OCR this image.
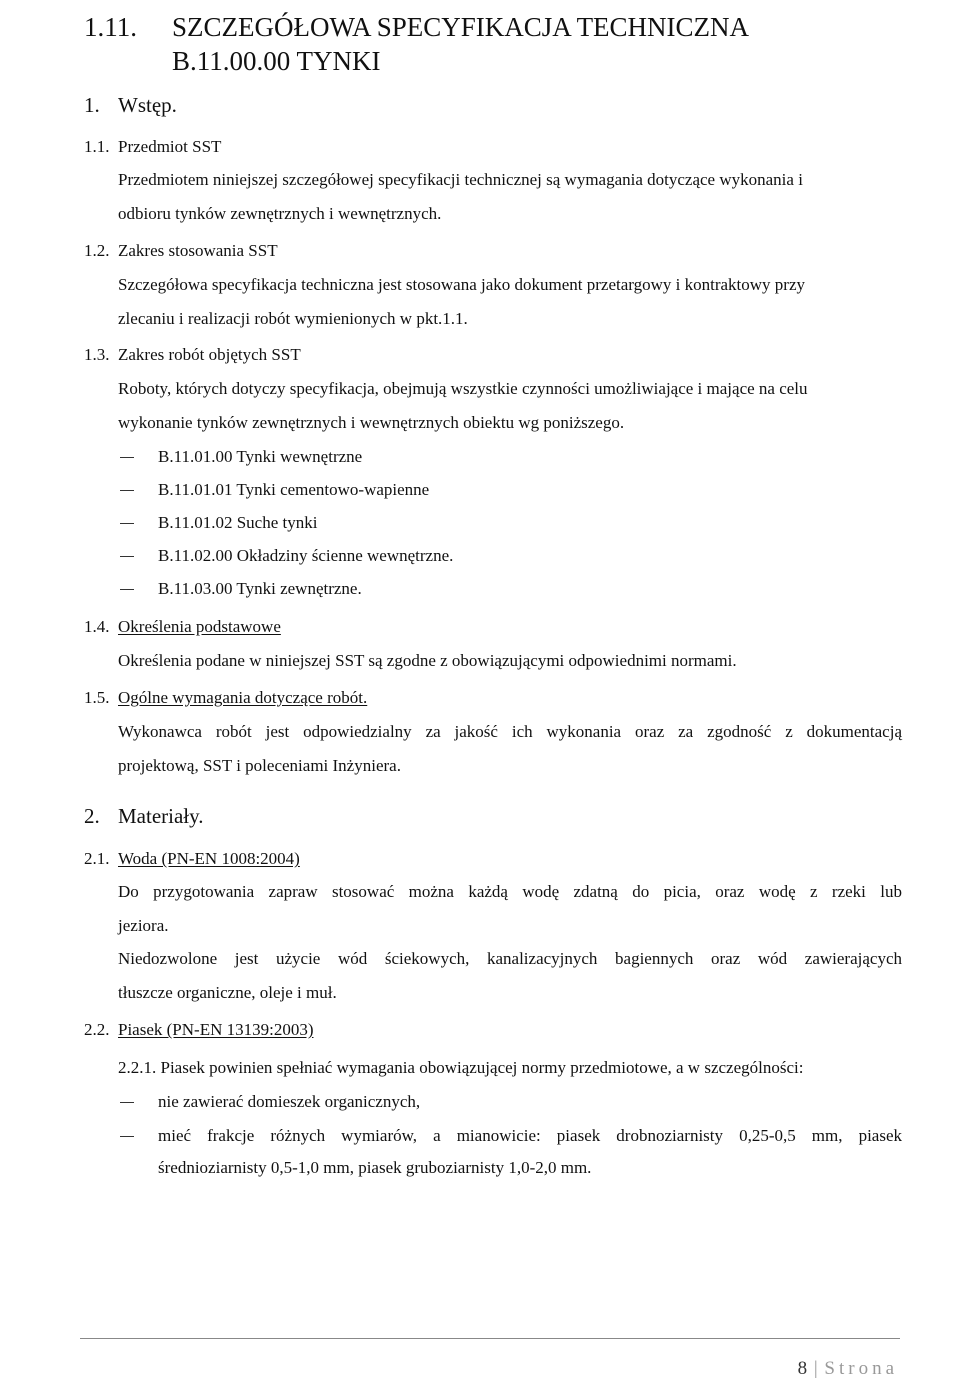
1.11. SZCZEGÓŁOWA SPECYFIKACJA TECHNICZNA
B.11.00.00 TYNKI
1. Wstęp.
1.1. Przedmiot SST
Przedmiotem niniejszej szczegółowej specyfikacji technicznej są wymagania dotyczące wykonania i
odbioru tynków zewnętrznych i wewnętrznych.
1.2. Zakres stosowania SST
Szczegółowa specyfikacja techniczna jest stosowana jako dokument przetargowy i kontraktowy przy
zlecaniu i realizacji robót wymienionych w pkt.1.1.
1.3. Zakres robót objętych SST
Roboty, których dotyczy specyfikacja, obejmują wszystkie czynności umożliwiające i mające na celu
wykonanie tynków zewnętrznych i wewnętrznych obiektu wg poniższego.
B.11.01.00 Tynki wewnętrzne
B.11.01.01 Tynki cementowo-wapienne
B.11.01.02 Suche tynki
B.11.02.00 Okładziny ścienne wewnętrzne.
B.11.03.00 Tynki zewnętrzne.
1.4. Określenia podstawowe
Określenia podane w niniejszej SST są zgodne z obowiązującymi odpowiednimi normami.
1.5. Ogólne wymagania dotyczące robót.
Wykonawca robót jest odpowiedzialny za jakość ich wykonania oraz za zgodność z dokumentacją
projektową, SST i poleceniami Inżyniera.
2. Materiały.
2.1. Woda (PN-EN 1008:2004)
Do przygotowania zapraw stosować można każdą wodę zdatną do picia, oraz wodę z rzeki lub
jeziora.
Niedozwolone jest użycie wód ściekowych, kanalizacyjnych bagiennych oraz wód zawierających
tłuszcze organiczne, oleje i muł.
2.2. Piasek (PN-EN 13139:2003)
2.2.1. Piasek powinien spełniać wymagania obowiązującej normy przedmiotowe, a w szczególności:
nie zawierać domieszek organicznych,
mieć frakcje różnych wymiarów, a mianowicie: piasek drobnoziarnisty 0,25-0,5 mm, piasek
średnioziarnisty 0,5-1,0 mm, piasek gruboziarnisty 1,0-2,0 mm.
8 | Strona
